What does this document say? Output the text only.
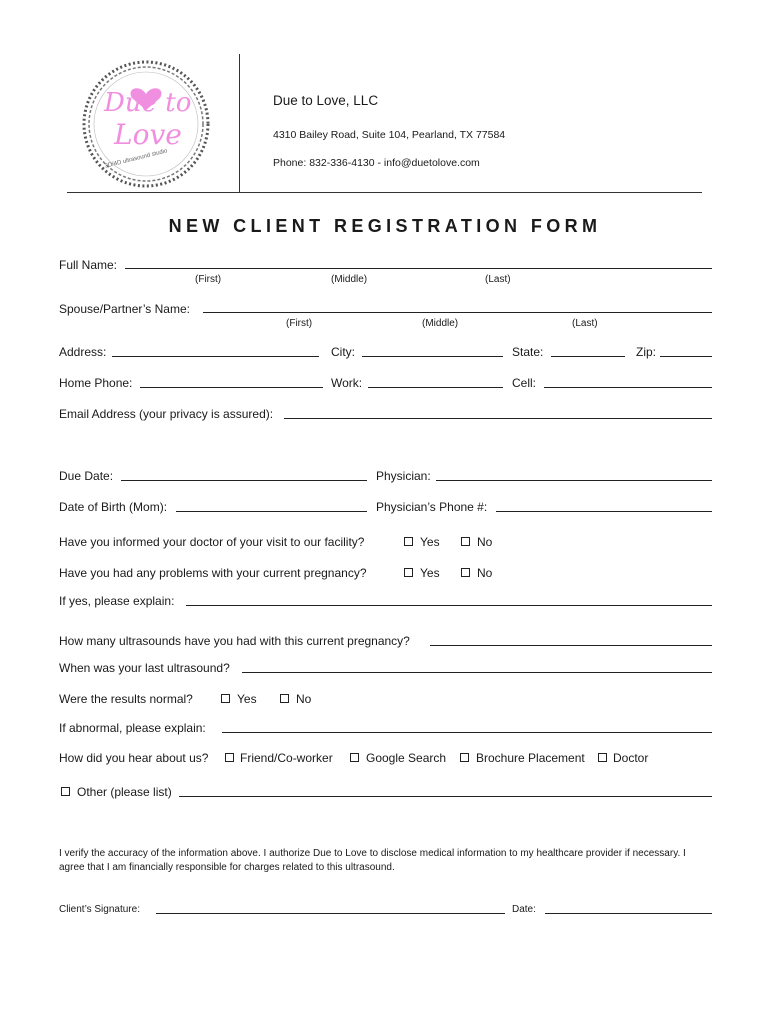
Due to
Love
3D/4D ultrasound studio
Due to Love, LLC
4310 Bailey Road, Suite 104, Pearland, TX 77584
Phone: 832-336-4130 - info@duetolove.com
NEW CLIENT REGISTRATION FORM
Full Name:
(First)	(Middle)	(Last)
Spouse/Partner’s Name:
(First)	(Middle)	(Last)
Address:	City:	State:	Zip:
Home Phone:	Work:	Cell:
Email Address (your privacy is assured):
Due Date:	Physician:
Date of Birth (Mom):	Physician’s Phone #:
Have you informed your doctor of your visit to our facility?	Yes	No
Have you had any problems with your current pregnancy?	Yes	No
If yes, please explain:
How many ultrasounds have you had with this current pregnancy?
When was your last ultrasound?
Were the results normal?	Yes	No
If abnormal, please explain:
How did you hear about us?	Friend/Co-worker	Google Search Brochure Placement Doctor
Other (please list)
I verify the accuracy of the information above. I authorize Due to Love to disclose medical information to my healthcare provider if necessary. I agree that I am financially responsible for charges related to this ultrasound.
Client’s Signature:	Date:
